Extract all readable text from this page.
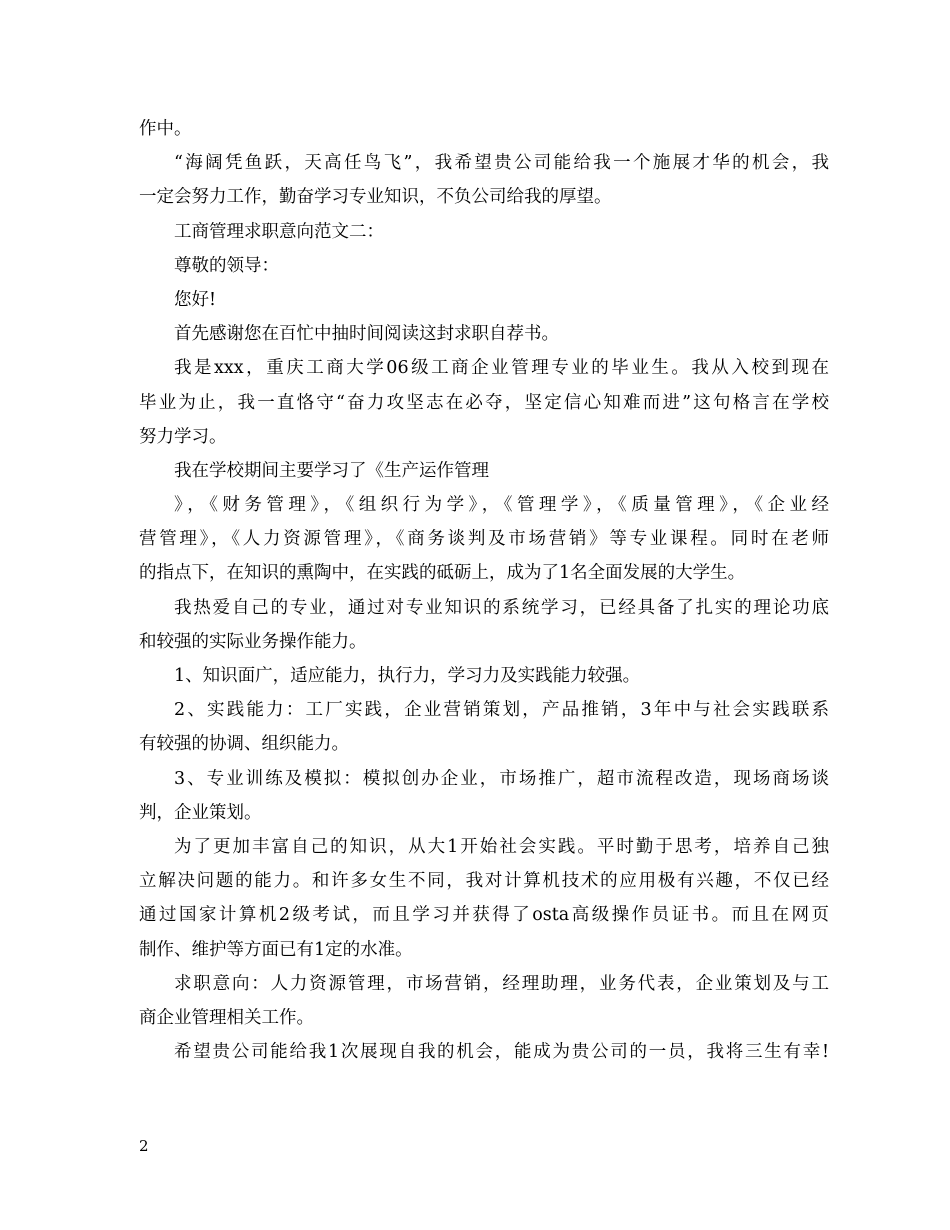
作中。
“海阔凭鱼跃，天高任鸟飞”，我希望贵公司能给我一个施展才华的机会，我
一定会努力工作，勤奋学习专业知识，不负公司给我的厚望。
工商管理求职意向范文二：
尊敬的领导：
您好!
首先感谢您在百忙中抽时间阅读这封求职自荐书。
我是xxx，重庆工商大学06级工商企业管理专业的毕业生。我从入校到现在
毕业为止，我一直恪守“奋力攻坚志在必夺，坚定信心知难而进”这句格言在学校
努力学习。
我在学校期间主要学习了《生产运作管理
》，《财务管理》，《组织行为学》，《管理学》，《质量管理》，《企业经
营管理》，《人力资源管理》，《商务谈判及市场营销》等专业课程。同时在老师
的指点下，在知识的熏陶中，在实践的砥砺上，成为了1名全面发展的大学生。
我热爱自己的专业，通过对专业知识的系统学习，已经具备了扎实的理论功底
和较强的实际业务操作能力。
1、知识面广，适应能力，执行力，学习力及实践能力较强。
2、实践能力：工厂实践，企业营销策划，产品推销，3年中与社会实践联系
有较强的协调、组织能力。
3、专业训练及模拟：模拟创办企业，市场推广，超市流程改造，现场商场谈
判，企业策划。
为了更加丰富自己的知识，从大1开始社会实践。平时勤于思考，培养自己独
立解决问题的能力。和许多女生不同，我对计算机技术的应用极有兴趣，不仅已经
通过国家计算机2级考试，而且学习并获得了osta高级操作员证书。而且在网页
制作、维护等方面已有1定的水准。
求职意向：人力资源管理，市场营销，经理助理，业务代表，企业策划及与工
商企业管理相关工作。
希望贵公司能给我1次展现自我的机会，能成为贵公司的一员，我将三生有幸!
2
